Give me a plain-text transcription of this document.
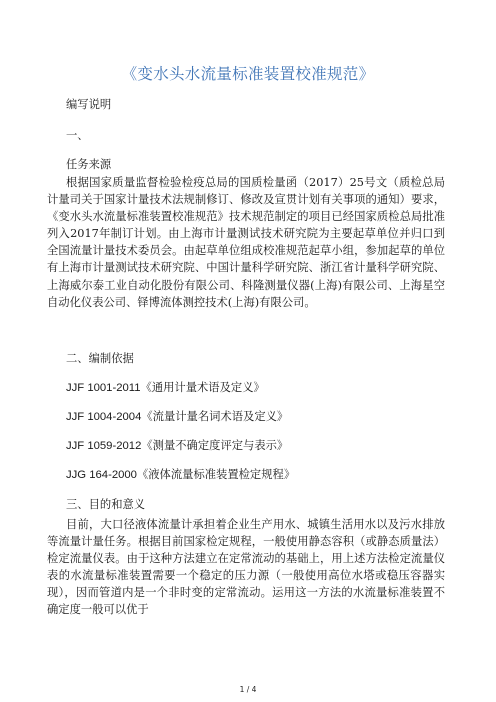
《变水头水流量标准装置校准规范》
编写说明
一、
任务来源
根据国家质量监督检验检疫总局的国质检量函（2017）25号文（质检总局计量司关于国家计量技术法规制修订、修改及宣贯计划有关事项的通知）要求，《变水头水流量标准装置校准规范》技术规范制定的项目已经国家质检总局批准列入2017年制订计划。由上海市计量测试技术研究院为主要起草单位并归口到全国流量计量技术委员会。由起草单位组成校准规范起草小组，参加起草的单位有上海市计量测试技术研究院、中国计量科学研究院、浙江省计量科学研究院、上海威尔泰工业自动化股份有限公司、科隆测量仪器(上海)有限公司、上海星空自动化仪表公司、铎博流体测控技术(上海)有限公司。
二、编制依据
JJF 1001-2011《通用计量术语及定义》
JJF 1004-2004《流量计量名词术语及定义》
JJF 1059-2012《测量不确定度评定与表示》
JJG 164-2000《液体流量标准装置检定规程》
三、目的和意义
目前，大口径液体流量计承担着企业生产用水、城镇生活用水以及污水排放等流量计量任务。根据目前国家检定规程，一般使用静态容积（或静态质量法）检定流量仪表。由于这种方法建立在定常流动的基础上，用上述方法检定流量仪表的水流量标准装置需要一个稳定的压力源（一般使用高位水塔或稳压容器实现），因而管道内是一个非时变的定常流动。运用这一方法的水流量标准装置不确定度一般可以优于
1 / 4
